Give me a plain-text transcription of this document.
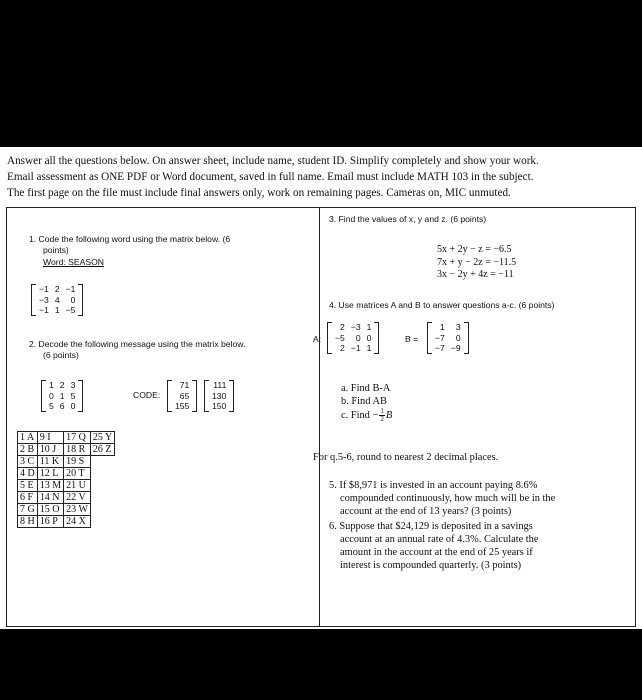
Answer all the questions below. On answer sheet, include name, student ID. Simplify completely and show your work.
Email assessment as ONE PDF or Word document, saved in full name. Email must include MATH 103 in the subject.
The first page on the file must include final answers only, work on remaining pages. Cameras on, MIC unmuted.
1. Code the following word using the matrix below. (6
points)
Word: SEASON
−1	2	−1
−3	4	0
−1	1	−5
2. Decode the following message using the matrix below.
(6 points)
1	2	3
0	1	5
5	6	0
CODE:
71
65
155
111
130
150
1 A	9 I	17 Q	25 Y
2 B	10 J	18 R	26 Z
3 C	11 K	19 S	
4 D	12 L	20 T	
5 E	13 M	21 U	
6 F	14 N	22 V	
7 G	15 O	23 W	
8 H	16 P	24 X	
3. Find the values of x, y and z. (6 points)
5x + 2y − z = −6.5
7x + y − 2z = −11.5
3x − 2y + 4z = −11
4. Use matrices A and B to answer questions a-c. (6 points)
A:
2	−3	1
−5	0	0
2	−1	1
B =
1	3
−7	0
−7	−9
a. Find B-A
b. Find AB
c. Find − $\frac{1}{2}$ B
For q.5-6, round to nearest 2 decimal places.
5. If $8,971 is invested in an account paying 8.6%
compounded continuously, how much will be in the
account at the end of 13 years? (3 points)
6. Suppose that $24,129 is deposited in a savings
account at an annual rate of 4.3%. Calculate the
amount in the account at the end of 25 years if
interest is compounded quarterly. (3 points)
